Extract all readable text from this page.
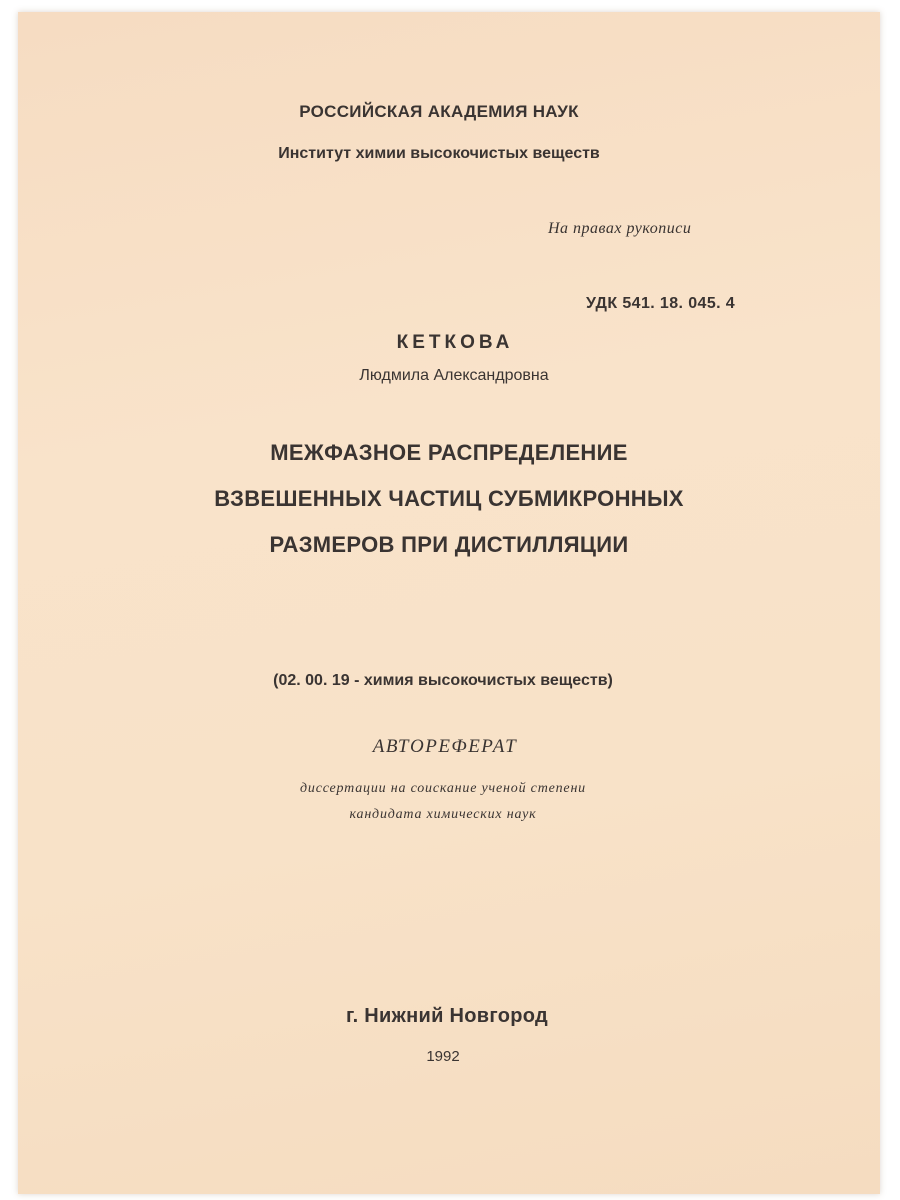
РОССИЙСКАЯ АКАДЕМИЯ НАУК
Институт химии высокочистых веществ
На правах рукописи
УДК 541. 18. 045. 4
КЕТКОВА
Людмила Александровна
МЕЖФАЗНОЕ РАСПРЕДЕЛЕНИЕ
ВЗВЕШЕННЫХ ЧАСТИЦ СУБМИКРОННЫХ
РАЗМЕРОВ ПРИ ДИСТИЛЛЯЦИИ
(02. 00. 19 - химия высокочистых веществ)
АВТОРЕФЕРАТ
диссертации на соискание ученой степени
кандидата химических наук
г. Нижний Новгород
1992
